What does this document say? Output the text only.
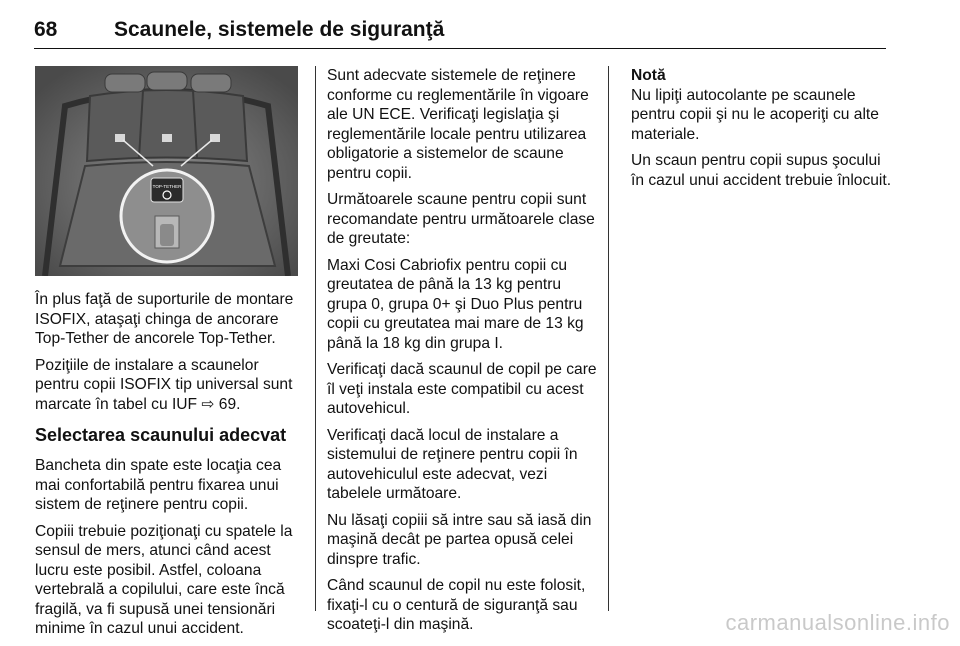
68	Scaunele, sistemele de siguranţă
TOP-TETHER

În plus faţă de suporturile de montare ISOFIX, ataşaţi chinga de ancorare Top-Tether de ancorele Top-Tether.

Poziţiile de instalare a scaunelor pentru copii ISOFIX tip universal sunt marcate în tabel cu IUF ⇨ 69.

Selectarea scaunului adecvat

Bancheta din spate este locaţia cea mai confortabilă pentru fixarea unui sistem de reţinere pentru copii.

Copiii trebuie poziţionaţi cu spatele la sensul de mers, atunci când acest lucru este posibil. Astfel, coloana vertebrală a copilului, care este încă fragilă, va fi supusă unei tensionări minime în cazul unui accident.

Sunt adecvate sistemele de reţinere conforme cu reglementările în vigoare ale UN ECE. Verificaţi legislaţia şi reglementările locale pentru utilizarea obligatorie a sistemelor de scaune pentru copii.

Următoarele scaune pentru copii sunt recomandate pentru următoarele clase de greutate:

Maxi Cosi Cabriofix pentru copii cu greutatea de până la 13 kg pentru grupa 0, grupa 0+ şi Duo Plus pentru copii cu greutatea mai mare de 13 kg până la 18 kg din grupa I.

Verificaţi dacă scaunul de copil pe care îl veţi instala este compatibil cu acest autovehicul.

Verificaţi dacă locul de instalare a sistemului de reţinere pentru copii în autovehiculul este adecvat, vezi tabelele următoare.

Nu lăsaţi copiii să intre sau să iasă din maşină decât pe partea opusă celei dinspre trafic.

Când scaunul de copil nu este folosit, fixaţi-l cu o centură de siguranţă sau scoateţi-l din maşină.

Notă

Nu lipiţi autocolante pe scaunele pentru copii şi nu le acoperiţi cu alte materiale.

Un scaun pentru copii supus şocului în cazul unui accident trebuie înlocuit.

carmanualsonline.info
